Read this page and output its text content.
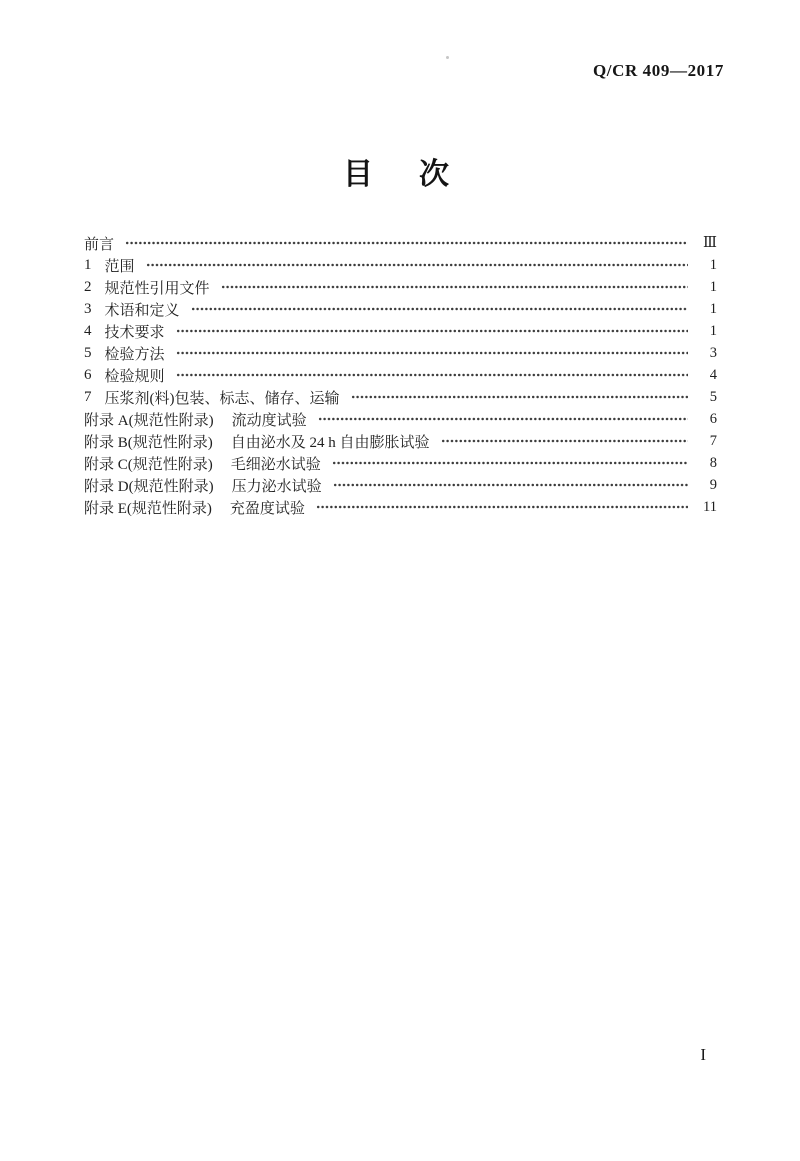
Q/CR 409—2017
目　次
前言	Ⅲ
1 范围	1
2 规范性引用文件	1
3 术语和定义	1
4 技术要求	1
5 检验方法	3
6 检验规则	4
7 压浆剂(料)包装、标志、储存、运输	5
附录 A(规范性附录) 流动度试验	6
附录 B(规范性附录) 自由泌水及 24 h 自由膨胀试验	7
附录 C(规范性附录) 毛细泌水试验	8
附录 D(规范性附录) 压力泌水试验	9
附录 E(规范性附录) 充盈度试验	11
I
